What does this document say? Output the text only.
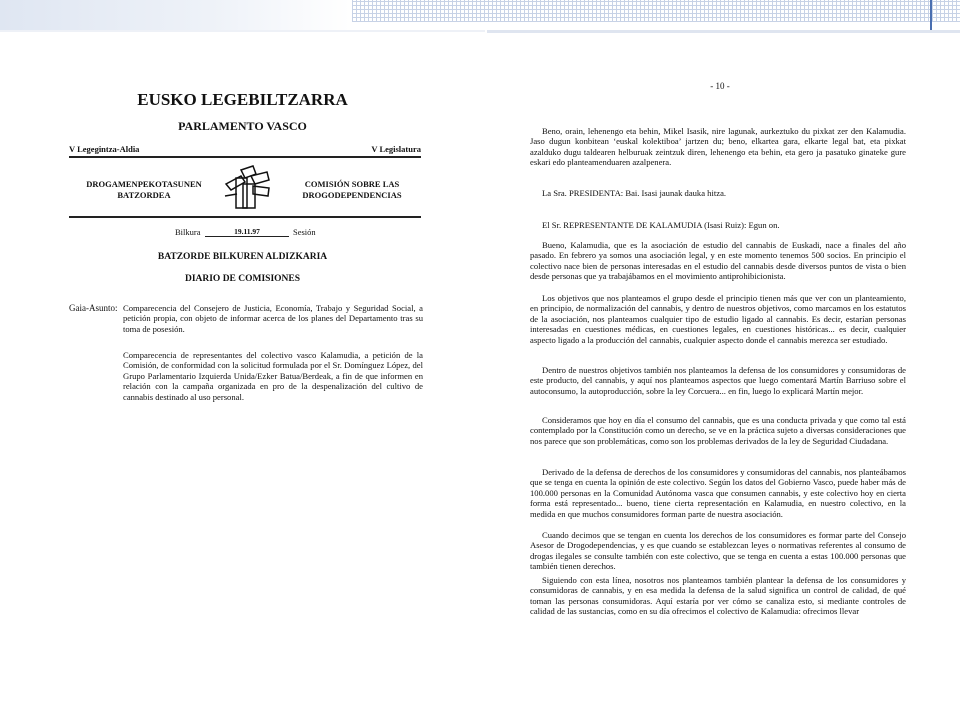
EUSKO LEGEBILTZARRA
PARLAMENTO VASCO
V Legegintza-Aldia	V Legislatura
DROGAMENPEKOTASUNEN
BATZORDEA
COMISIÓN SOBRE LAS
DROGODEPENDENCIAS
Bilkura	Sesión
19.11.97
BATZORDE BILKUREN ALDIZKARIA
DIARIO DE COMISIONES
Gaia-Asunto: Comparecencia del Consejero de Justicia, Economía, Trabajo y Seguridad Social, a petición propia, con objeto de informar acerca de los planes del Departamento tras su toma de posesión.

Comparecencia de representantes del colectivo vasco Kalamudia, a petición de la Comisión, de conformidad con la solicitud formulada por el Sr. Domínguez López, del Grupo Parlamentario Izquierda Unida/Ezker Batua/Berdeak, a fin de que informen en relación con la campaña organizada en pro de la despenalización del cultivo de cannabis destinado al uso personal.

- 10 -

Beno, orain, lehenengo eta behin, Mikel Isasik, nire lagunak, aurkeztuko du pixkat zer den Kalamudia. Jaso dugun konbitean ‘euskal kolektiboa’ jartzen du; beno, elkartea gara, elkarte legal bat, eta pixkat azalduko dugu taldearen helburuak zeintzuk diren, lehenengo eta behin, eta gero ja pasatuko ginateke gure eskari edo planteamenduaren azalpenera.

La Sra. PRESIDENTA: Bai. Isasi jaunak dauka hitza.

El Sr. REPRESENTANTE DE KALAMUDIA (Isasi Ruiz): Egun on.

Bueno, Kalamudia, que es la asociación de estudio del cannabis de Euskadi, nace a finales del año pasado. En febrero ya somos una asociación legal, y en este momento tenemos 500 socios. En principio el colectivo nace bien de personas interesadas en el estudio del cannabis desde diversos puntos de vista o bien desde personas que ya trabajábamos en el movimiento antiprohibicionista.

Los objetivos que nos planteamos el grupo desde el principio tienen más que ver con un planteamiento, en principio, de normalización del cannabis, y dentro de nuestros objetivos, como marcamos en los estatutos de la asociación, nos planteamos cualquier tipo de estudio ligado al cannabis. Es decir, estarían personas interesadas en cuestiones médicas, en cuestiones legales, en cuestiones históricas... es decir, cualquier aspecto ligado a la producción del cannabis, cualquier aspecto donde el cannabis merezca ser estudiado.

Dentro de nuestros objetivos también nos planteamos la defensa de los consumidores y consumidoras de este producto, del cannabis, y aquí nos planteamos aspectos que luego comentará Martín Barriuso sobre el autoconsumo, la autoproducción, sobre la ley Corcuera... en fin, luego lo explicará Martín mejor.

Consideramos que hoy en día el consumo del cannabis, que es una conducta privada y que como tal está contemplado por la Constitución como un derecho, se ve en la práctica sujeto a diversas consideraciones que nos parece que son problemáticas, como son los problemas derivados de la ley de Seguridad Ciudadana.

Derivado de la defensa de derechos de los consumidores y consumidoras del cannabis, nos planteábamos que se tenga en cuenta la opinión de este colectivo. Según los datos del Gobierno Vasco, puede haber más de 100.000 personas en la Comunidad Autónoma vasca que consumen cannabis, y este colectivo hoy en cierta forma está representado... bueno, tiene cierta representación en Kalamudia, en nuestro colectivo, en la medida en que muchos consumidores forman parte de nuestra asociación.

Cuando decimos que se tengan en cuenta los derechos de los consumidores es formar parte del Consejo Asesor de Drogodependencias, y es que cuando se establezcan leyes o normativas referentes al consumo de drogas ilegales se consulte también con este colectivo, que se tenga en cuenta a estas 100.000 personas que también tienen derechos.

Siguiendo con esta línea, nosotros nos planteamos también plantear la defensa de los consumidores y consumidoras de cannabis, y en esa medida la defensa de la salud significa un control de calidad, de qué toman las personas consumidoras. Aquí estaría por ver cómo se canaliza esto, si mediante controles de calidad de las sustancias, como en su día ofrecimos el colectivo de Kalamudia: ofrecimos llevar
